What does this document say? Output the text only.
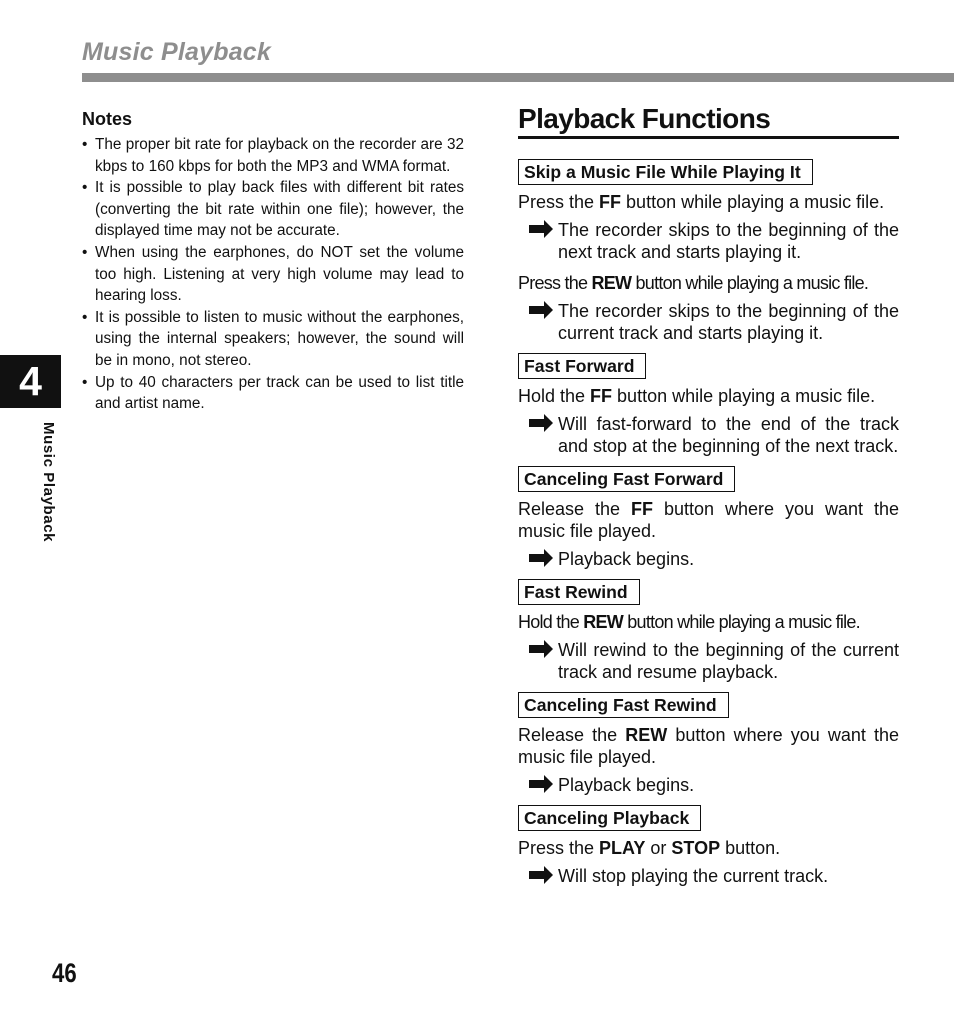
Music Playback
4
Music Playback
Notes
• The proper bit rate for playback on the recorder are 32 kbps to 160 kbps for both the MP3 and WMA format.
• It is possible to play back files with different bit rates (converting the bit rate within one file); however, the displayed time may not be accurate.
• When using the earphones, do NOT set the volume too high. Listening at very high volume may lead to hearing loss.
• It is possible to listen to music without the earphones, using the internal speakers; however, the sound will be in mono, not stereo.
• Up to 40 characters per track can be used to list title and artist name.
Playback Functions
Skip a Music File While Playing It

Press the FF button while playing a music file.

The recorder skips to the beginning of the next track and starts playing it.

Press the REW button while playing a music file.

The recorder skips to the beginning of the current track and starts playing it.
Fast Forward

Hold the FF button while playing a music file.

Will fast-forward to the end of the track and stop at the beginning of the next track.
Canceling Fast Forward

Release the FF button where you want the music file played.

Playback begins.
Fast Rewind

Hold the REW button while playing a music file.

Will rewind to the beginning of the current track and resume playback.
Canceling Fast Rewind

Release the REW button where you want the music file played.

Playback begins.
Canceling Playback

Press the PLAY or STOP button.

Will stop playing the current track.
46
